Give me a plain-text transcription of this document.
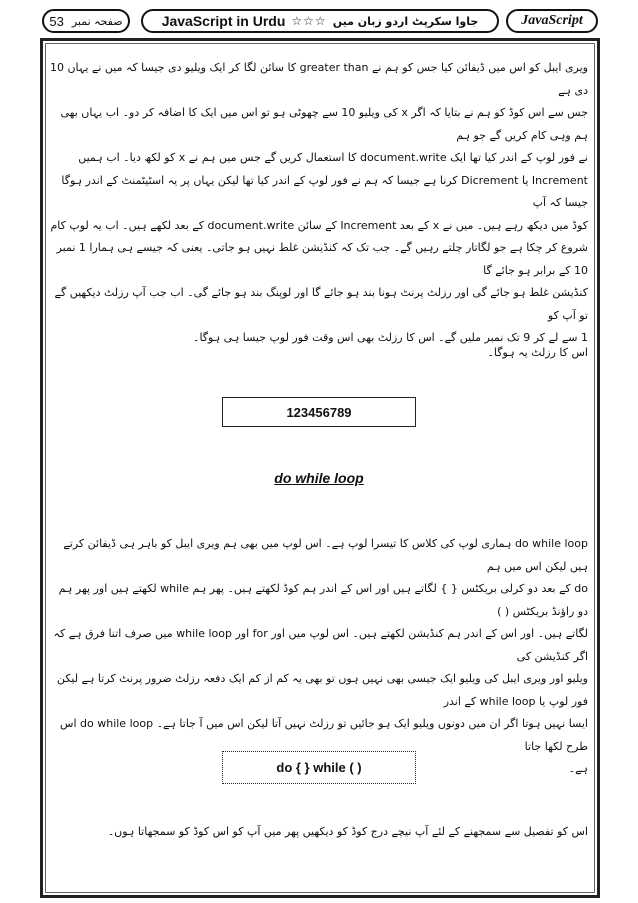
53 صفحہ نمبر	JavaScript in Urdu ☆☆☆ جاوا سکرپٹ اردو زبان میں	JavaScript

ویری ایبل کو اس میں ڈیفائن کیا جس کو ہم نے greater than کا سائن لگا کر ایک ویلیو دی جیسا کہ میں نے یہاں 10 دی ہے

جس سے اس کوڈ کو ہم نے بتایا کہ اگر x کی ویلیو 10 سے چھوٹی ہو تو اس میں ایک کا اضافہ کر دو۔ اب یہاں بھی ہم وہی کام کریں گے جو ہم

نے فور لوپ کے اندر کیا تھا ایک document.write کا استعمال کریں گے جس میں ہم نے x کو لکھ دیا۔ اب ہمیں

Increment یا Dicrement کرنا ہے جیسا کہ ہم نے فور لوپ کے اندر کیا تھا لیکن یہاں پر یہ اسٹیٹمنٹ کے اندر ہوگا جیسا کہ آپ

کوڈ میں دیکھ رہے ہیں۔ میں نے x کے بعد Increment کے سائن document.write کے بعد لکھے ہیں۔ اب یہ لوپ کام

شروع کر چکا ہے جو لگاتار چلتے رہیں گے۔ جب تک کہ کنڈیشن غلط نہیں ہو جاتی۔ یعنی کہ جیسے ہی ہمارا 1 نمبر 10 کے برابر ہو جائے گا

کنڈیشن غلط ہو جائے گی اور رزلٹ پرنٹ ہونا بند ہو جائے گا اور لوپنگ بند ہو جائے گی۔ اب جب آپ رزلٹ دیکھیں گے تو آپ کو

1 سے لے کر 9 تک نمبر ملیں گے۔ اس کا رزلٹ بھی اس وقت فور لوپ جیسا ہی ہوگا۔

اس کا رزلٹ یہ ہوگا۔

123456789
do while loop

do while loop ہماری لوپ کی کلاس کا تیسرا لوپ ہے۔ اس لوپ میں بھی ہم ویری ایبل کو باہر ہی ڈیفائن کرتے ہیں لیکن اس میں ہم

do کے بعد دو کرلی بریکٹس { } لگاتے ہیں اور اس کے اندر ہم کوڈ لکھتے ہیں۔ پھر ہم while لکھتے ہیں اور پھر ہم دو راؤنڈ بریکٹس ( )

لگاتے ہیں۔ اور اس کے اندر ہم کنڈیشن لکھتے ہیں۔ اس لوپ میں اور for اور while loop میں صرف اتنا فرق ہے کہ اگر کنڈیشن کی

ویلیو اور ویری ایبل کی ویلیو ایک جیسی بھی نہیں ہوں تو بھی یہ کم از کم ایک دفعہ رزلٹ ضرور پرنٹ کرتا ہے لیکن فور لوپ یا while loop کے اندر

ایسا نہیں ہوتا اگر ان میں دونوں ویلیو ایک ہو جائیں تو رزلٹ نہیں آتا لیکن اس میں آ جاتا ہے۔ do while loop اس طرح لکھا جاتا

ہے۔

do { } while ( )

اس کو تفصیل سے سمجھنے کے لئے آپ نیچے درج کوڈ کو دیکھیں پھر میں آپ کو اس کوڈ کو سمجھاتا ہوں۔
